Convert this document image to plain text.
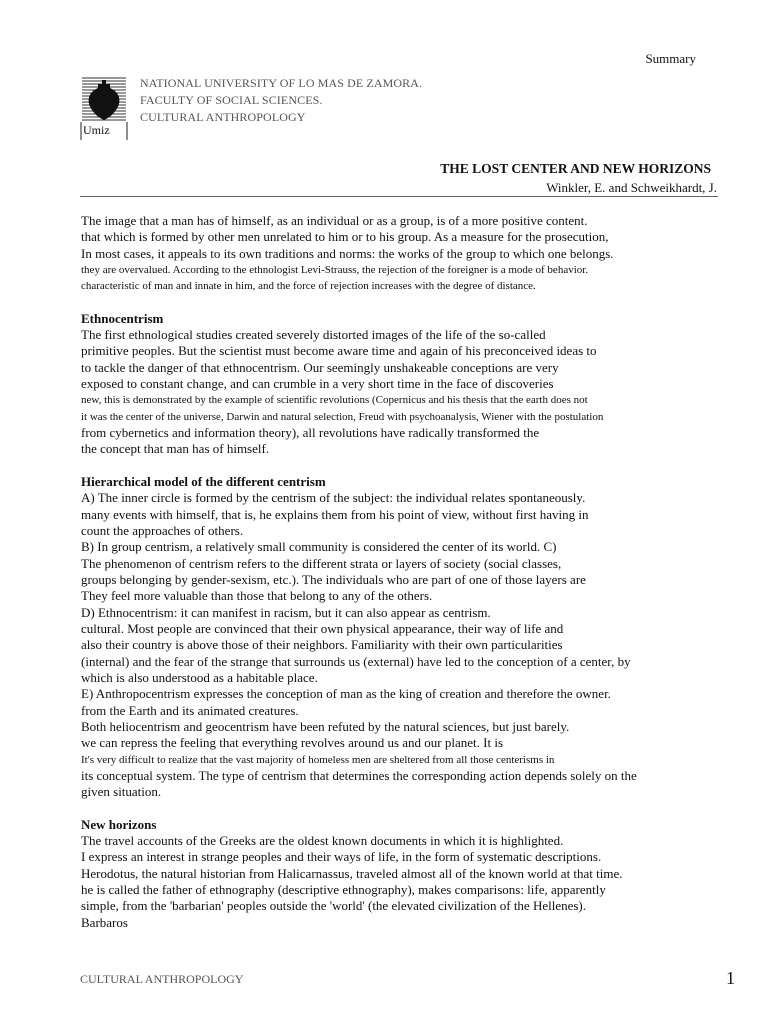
Summary
Umiz
NATIONAL UNIVERSITY OF LO MAS DE ZAMORA.
FACULTY OF SOCIAL SCIENCES.
CULTURAL ANTHROPOLOGY
THE LOST CENTER AND NEW HORIZONS
Winkler, E. and Schweikhardt, J.

The image that a man has of himself, as an individual or as a group, is of a more positive content.

that which is formed by other men unrelated to him or to his group. As a measure for the prosecution,

In most cases, it appeals to its own traditions and norms: the works of the group to which one belongs.

they are overvalued. According to the ethnologist Levi-Strauss, the rejection of the foreigner is a mode of behavior.

characteristic of man and innate in him, and the force of rejection increases with the degree of distance.

Ethnocentrism

The first ethnological studies created severely distorted images of the life of the so-called

primitive peoples. But the scientist must become aware time and again of his preconceived ideas to

to tackle the danger of that ethnocentrism. Our seemingly unshakeable conceptions are very

exposed to constant change, and can crumble in a very short time in the face of discoveries

new, this is demonstrated by the example of scientific revolutions (Copernicus and his thesis that the earth does not

it was the center of the universe, Darwin and natural selection, Freud with psychoanalysis, Wiener with the postulation

from cybernetics and information theory), all revolutions have radically transformed the

the concept that man has of himself.

Hierarchical model of the different centrism

A) The inner circle is formed by the centrism of the subject: the individual relates spontaneously.

many events with himself, that is, he explains them from his point of view, without first having in

count the approaches of others.

B) In group centrism, a relatively small community is considered the center of its world. C)

The phenomenon of centrism refers to the different strata or layers of society (social classes,

groups belonging by gender-sexism, etc.). The individuals who are part of one of those layers are

They feel more valuable than those that belong to any of the others.

D) Ethnocentrism: it can manifest in racism, but it can also appear as centrism.

cultural. Most people are convinced that their own physical appearance, their way of life and

also their country is above those of their neighbors. Familiarity with their own particularities

(internal) and the fear of the strange that surrounds us (external) have led to the conception of a center, by

which is also understood as a habitable place.

E) Anthropocentrism expresses the conception of man as the king of creation and therefore the owner.

from the Earth and its animated creatures.

Both heliocentrism and geocentrism have been refuted by the natural sciences, but just barely.

we can repress the feeling that everything revolves around us and our planet. It is

It's very difficult to realize that the vast majority of homeless men are sheltered from all those centerisms in

its conceptual system. The type of centrism that determines the corresponding action depends solely on the

given situation.

New horizons

The travel accounts of the Greeks are the oldest known documents in which it is highlighted.

I express an interest in strange peoples and their ways of life, in the form of systematic descriptions.

Herodotus, the natural historian from Halicarnassus, traveled almost all of the known world at that time.

he is called the father of ethnography (descriptive ethnography), makes comparisons: life, apparently

simple, from the 'barbarian' peoples outside the 'world' (the elevated civilization of the Hellenes).

Barbaros

CULTURAL ANTHROPOLOGY	1
